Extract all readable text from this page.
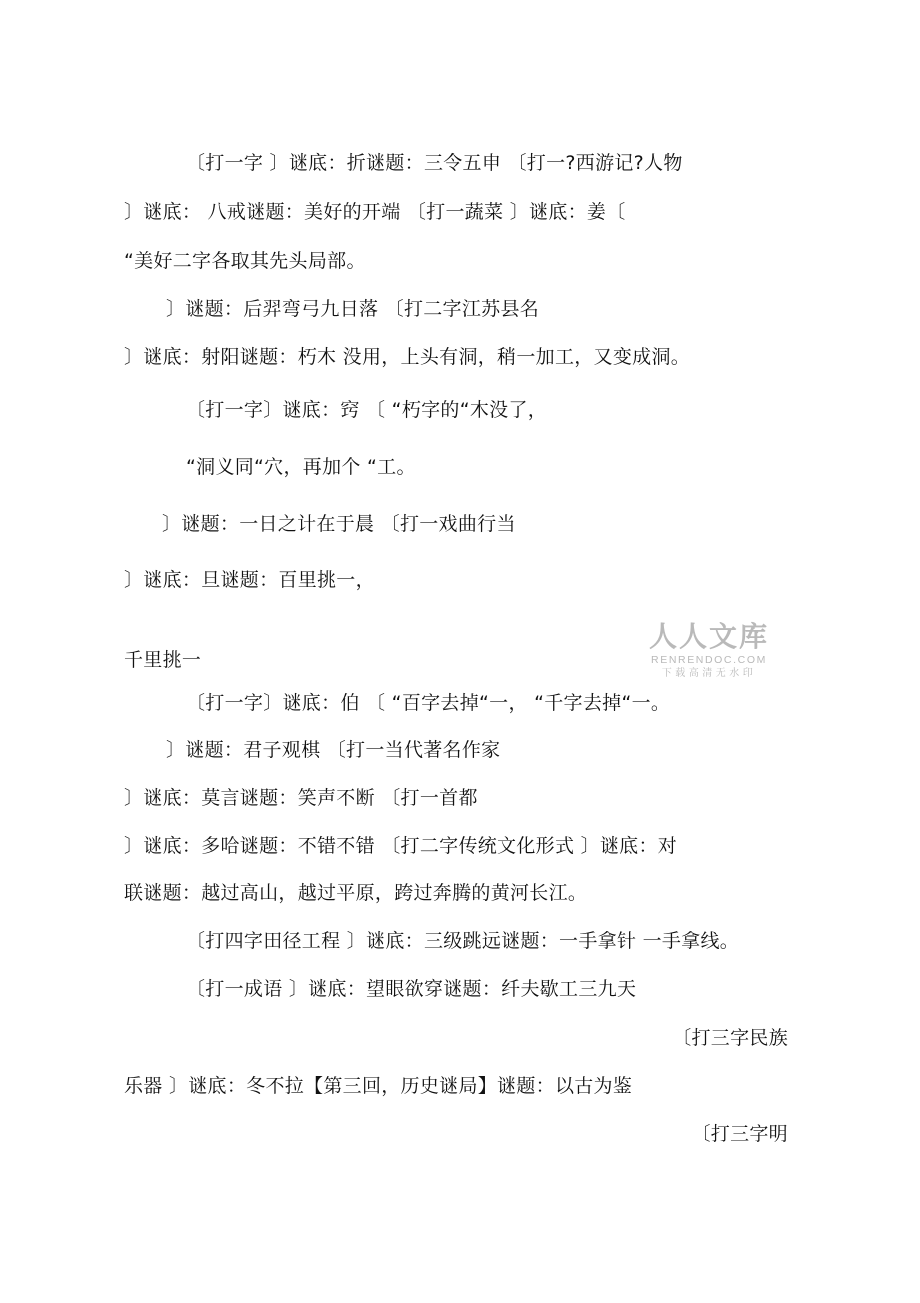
〔打一字 〕谜底：折谜题：三令五申 〔打一?西游记?人物

〕谜底： 八戒谜题：美好的开端 〔打一蔬菜 〕谜底：姜〔

“美好二字各取其先头局部。

〕谜题：后羿弯弓九日落 〔打二字江苏县名

〕谜底：射阳谜题：朽木 没用，上头有洞，稍一加工，又变成洞。

〔打一字〕谜底：窍 〔 “朽字的“木没了，

“洞义同“穴，再加个 “工。

〕谜题：一日之计在于晨 〔打一戏曲行当

〕谜底：旦谜题：百里挑一，

千里挑一

〔打一字〕谜底：伯 〔 “百字去掉“一， “千字去掉“一。

〕谜题：君子观棋 〔打一当代著名作家

〕谜底：莫言谜题：笑声不断 〔打一首都

〕谜底：多哈谜题：不错不错 〔打二字传统文化形式 〕谜底：对

联谜题：越过高山，越过平原，跨过奔腾的黄河长江。

〔打四字田径工程 〕谜底：三级跳远谜题：一手拿针 一手拿线。

〔打一成语 〕谜底：望眼欲穿谜题：纤夫歇工三九天

〔打三字民族

乐器 〕谜底：冬不拉【第三回，历史谜局】谜题：以古为鉴

〔打三字明

人人文库
RENRENDOC.COM
下载高清无水印
